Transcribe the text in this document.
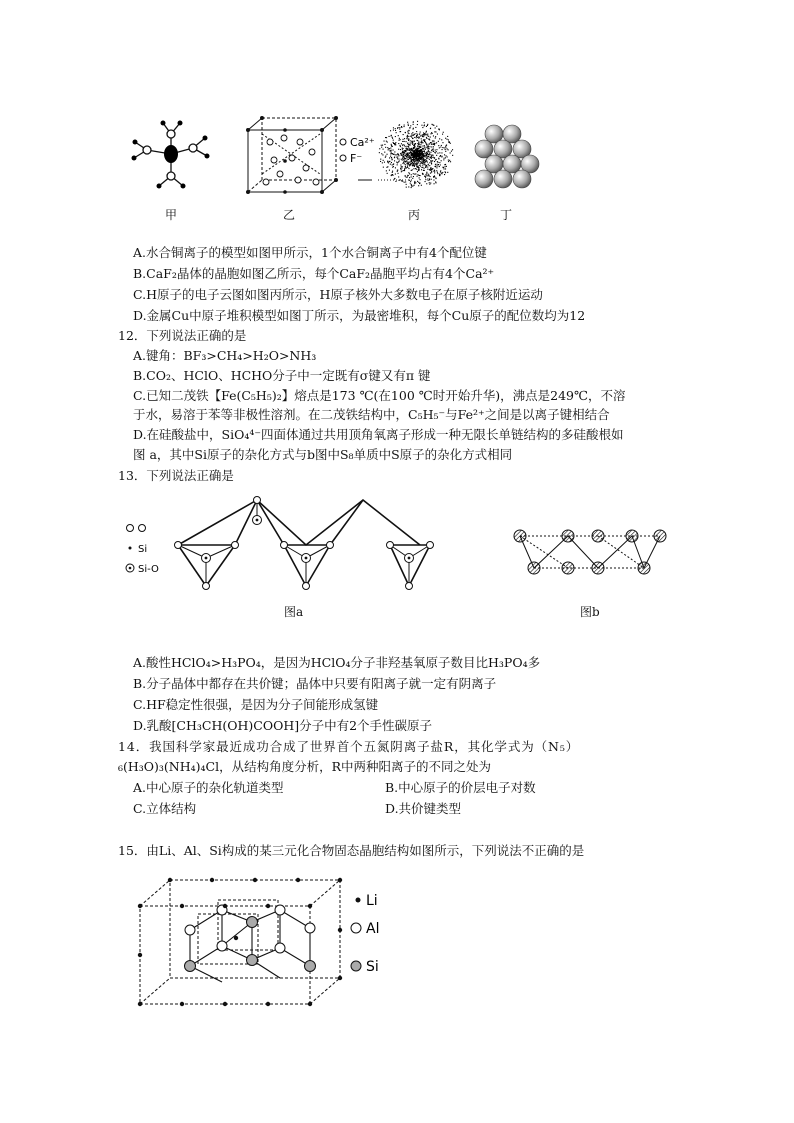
Ca²⁺
F⁻
甲	乙	丙	丁
A.水合铜离子的模型如图甲所示，1个水合铜离子中有4个配位键
B.CaF₂晶体的晶胞如图乙所示，每个CaF₂晶胞平均占有4个Ca²⁺
C.H原子的电子云图如图丙所示，H原子核外大多数电子在原子核附近运动
D.金属Cu中原子堆积模型如图丁所示，为最密堆积，每个Cu原子的配位数均为12
12．下列说法正确的是
A.键角：BF₃>CH₄>H₂O>NH₃
B.CO₂、HClO、HCHO分子中一定既有σ键又有π 键
C.已知二茂铁【Fe(C₅H₅)₂】熔点是173 ℃(在100 ℃时开始升华)，沸点是249℃，不溶
于水，易溶于苯等非极性溶剂。在二茂铁结构中，C₅H₅⁻与Fe²⁺之间是以离子键相结合
D.在硅酸盐中，SiO₄⁴⁻四面体通过共用顶角氧离子形成一种无限长单链结构的多硅酸根如
图 a，其中Si原子的杂化方式与b图中S₈单质中S原子的杂化方式相同
13．下列说法正确是
Si
Si-O
图a	图b
A.酸性HClO₄>H₃PO₄，是因为HClO₄分子非羟基氧原子数目比H₃PO₄多
B.分子晶体中都存在共价键；晶体中只要有阳离子就一定有阴离子
C.HF稳定性很强，是因为分子间能形成氢键
D.乳酸[CH₃CH(OH)COOH]分子中有2个手性碳原子
14．我国科学家最近成功合成了世界首个五氮阴离子盐R，其化学式为（N₅）
₆(H₃O)₃(NH₄)₄Cl，从结构角度分析，R中两种阳离子的不同之处为
A.中心原子的杂化轨道类型	B.中心原子的价层电子对数
C.立体结构	D.共价键类型
15．由Li、Al、Si构成的某三元化合物固态晶胞结构如图所示，下列说法不正确的是
Li
Al
Si
